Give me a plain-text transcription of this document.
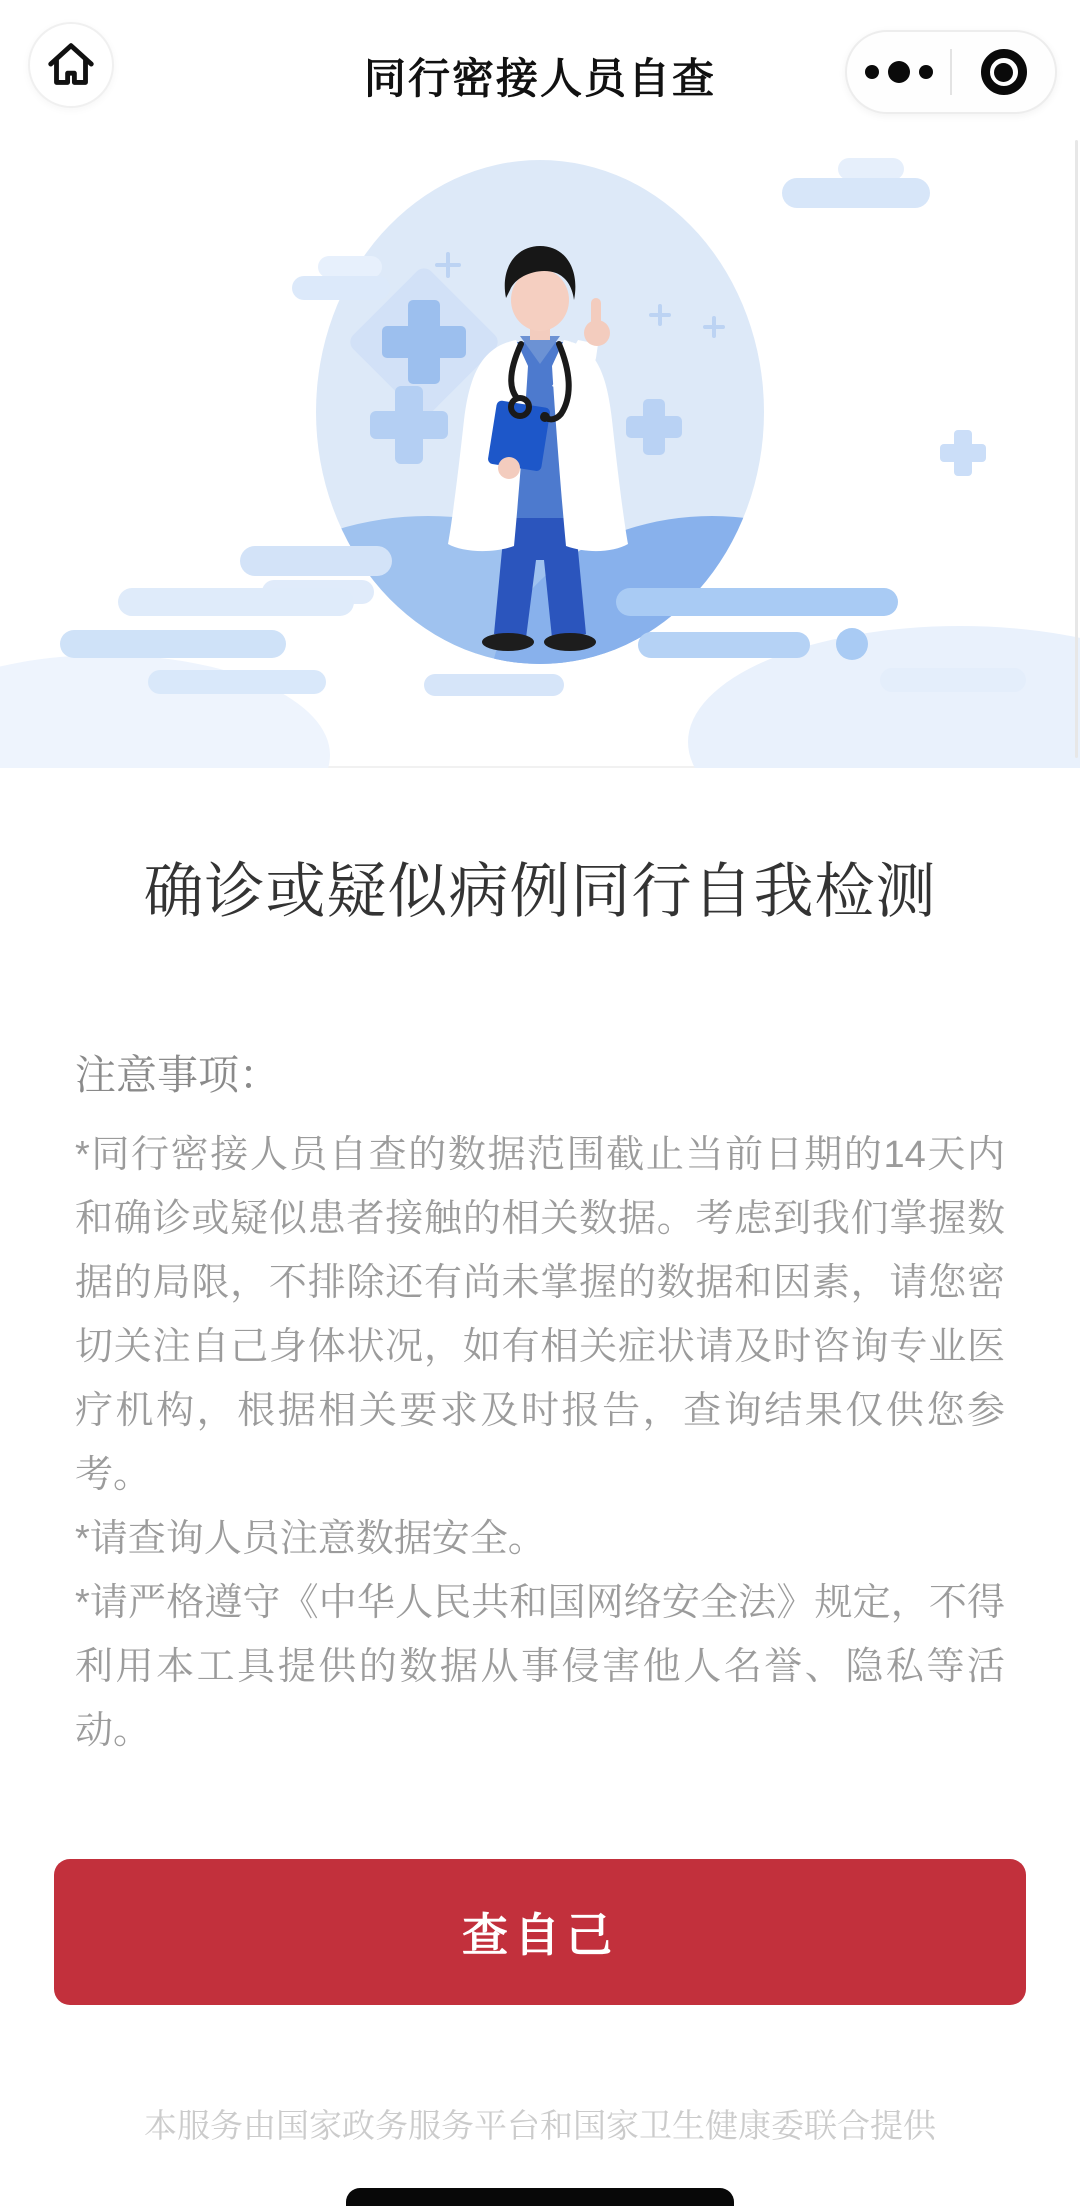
同行密接人员自查
确诊或疑似病例同行自我检测
注意事项：
*同行密接人员自查的数据范围截止当前日期的14天内和确诊或疑似患者接触的相关数据。考虑到我们掌握数据的局限，不排除还有尚未掌握的数据和因素，请您密切关注自己身体状况，如有相关症状请及时咨询专业医疗机构，根据相关要求及时报告，查询结果仅供您参考。
*请查询人员注意数据安全。
*请严格遵守《中华人民共和国网络安全法》规定，不得利用本工具提供的数据从事侵害他人名誉、隐私等活动。
查自己
本服务由国家政务服务平台和国家卫生健康委联合提供
